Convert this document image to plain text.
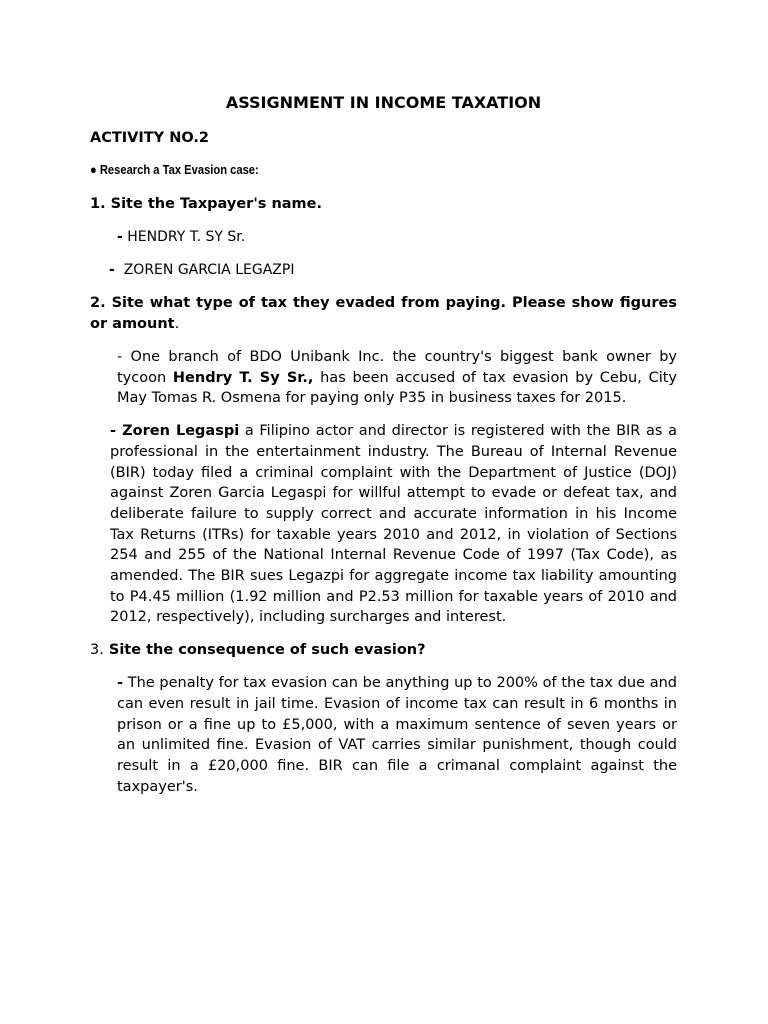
ASSIGNMENT IN INCOME TAXATION
ACTIVITY NO.2
● Research a Tax Evasion case:
1. Site the Taxpayer's name.
- HENDRY T. SY Sr.
- ZOREN GARCIA LEGAZPI
2. Site what type of tax they evaded from paying. Please show figures or amount.
- One branch of BDO Unibank Inc. the country's biggest bank owner by tycoon Hendry T. Sy Sr., has been accused of tax evasion by Cebu, City May Tomas R. Osmena for paying only P35 in business taxes for 2015.
- Zoren Legaspi a Filipino actor and director is registered with the BIR as a professional in the entertainment industry. The Bureau of Internal Revenue (BIR) today filed a criminal complaint with the Department of Justice (DOJ) against Zoren Garcia Legaspi for willful attempt to evade or defeat tax, and deliberate failure to supply correct and accurate information in his Income Tax Returns (ITRs) for taxable years 2010 and 2012, in violation of Sections 254 and 255 of the National Internal Revenue Code of 1997 (Tax Code), as amended. The BIR sues Legazpi for aggregate income tax liability amounting to P4.45 million (1.92 million and P2.53 million for taxable years of 2010 and 2012, respectively), including surcharges and interest.
3. Site the consequence of such evasion?
- The penalty for tax evasion can be anything up to 200% of the tax due and can even result in jail time. Evasion of income tax can result in 6 months in prison or a fine up to £5,000, with a maximum sentence of seven years or an unlimited fine. Evasion of VAT carries similar punishment, though could result in a £20,000 fine. BIR can file a crimanal complaint against the taxpayer's.
